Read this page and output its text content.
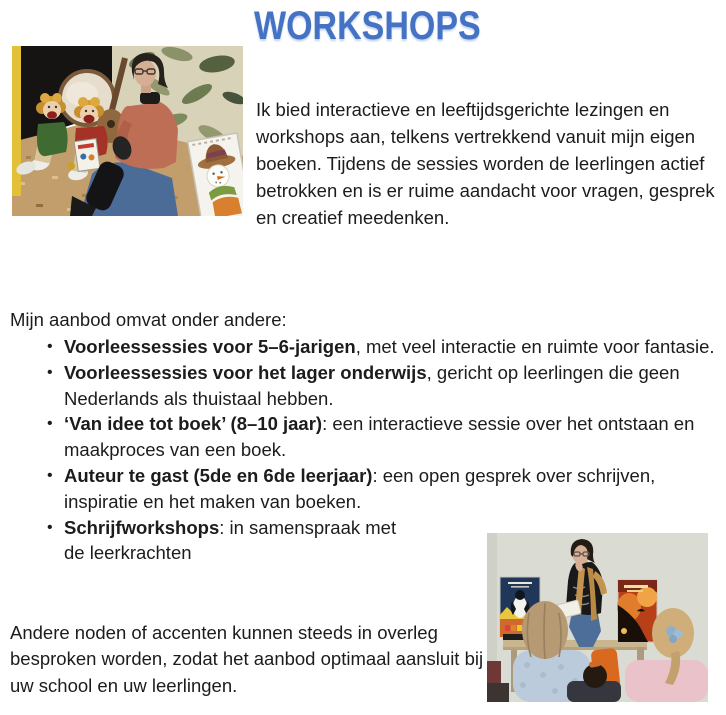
WORKSHOPS

Ik bied interactieve en leeftijdsgerichte lezingen en workshops aan, telkens vertrekkend vanuit mijn eigen boeken. Tijdens de sessies worden de leerlingen actief betrokken en is er ruime aandacht voor vragen, gesprek en creatief meedenken.

Mijn aanbod omvat onder andere:

• Voorleessessies voor 5–6-jarigen, met veel interactie en ruimte voor fantasie.
• Voorleessessies voor het lager onderwijs, gericht op leerlingen die geen Nederlands als thuistaal hebben.
• ‘Van idee tot boek’ (8–10 jaar): een interactieve sessie over het ontstaan en maakproces van een boek.
• Auteur te gast (5de en 6de leerjaar): een open gesprek over schrijven, inspiratie en het maken van boeken.
• Schrijfworkshops: in samenspraak met de leerkrachten

Andere noden of accenten kunnen steeds in overleg besproken worden, zodat het aanbod optimaal aansluit bij uw school en uw leerlingen.
